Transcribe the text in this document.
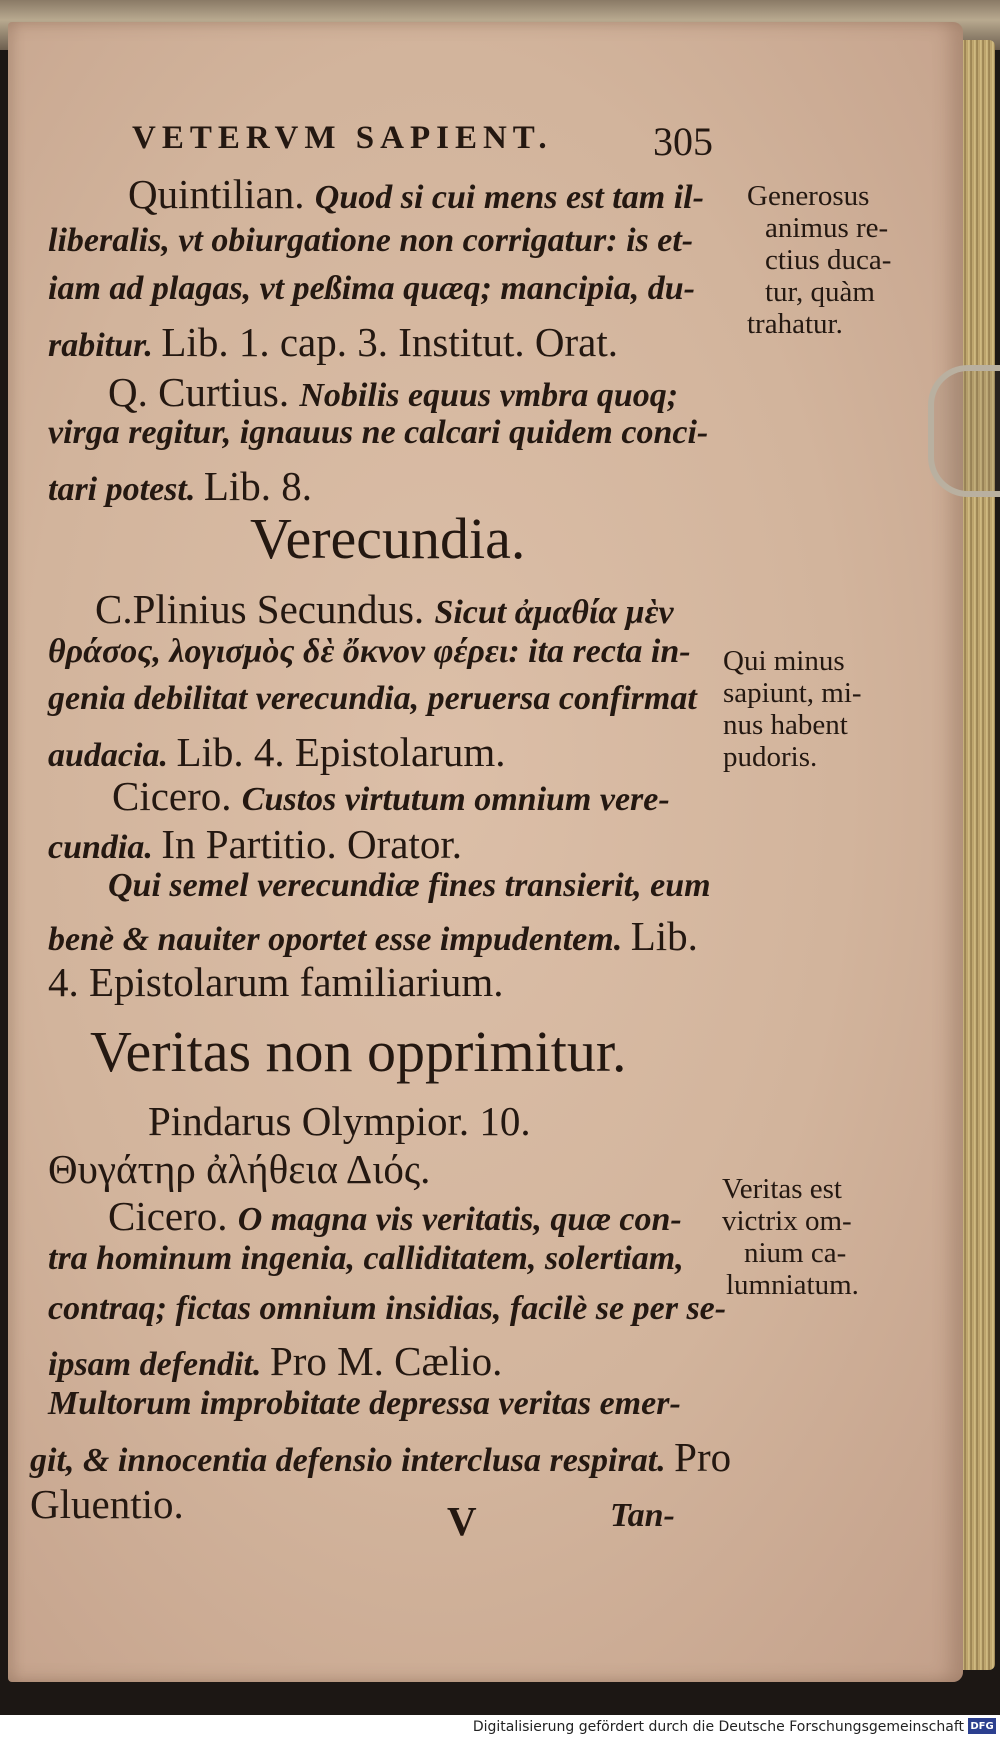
VETERVM SAPIENT.	305
Quintilian. Quod si cui mens est tam il-
liberalis, vt obiurgatione non corrigatur: is et-
iam ad plagas, vt peßima quæq; mancipia, du-
rabitur. Lib. 1. cap. 3. Institut. Orat.
Q. Curtius. Nobilis equus vmbra quoq;
virga regitur, ignauus ne calcari quidem conci-
tari potest. Lib. 8.
Verecundia.
C.Plinius Secundus. Sicut ἀμαθία μὲν
θράσος, λογισμὸς δὲ ὄκνον φέρει: ita recta in-
genia debilitat verecundia, peruersa confirmat
audacia. Lib. 4. Epistolarum.
Cicero. Custos virtutum omnium vere-
cundia. In Partitio. Orator.
Qui semel verecundiæ fines transierit, eum
benè & nauiter oportet esse impudentem. Lib.
4. Epistolarum familiarium.
Veritas non opprimitur.
Pindarus Olympior. 10.
Θυγάτηρ ἀλήθεια Διός.
Cicero. O magna vis veritatis, quæ con-
tra hominum ingenia, calliditatem, solertiam,
contraq; fictas omnium insidias, facilè se per se-
ipsam defendit. Pro M. Cælio.
Multorum improbitate depressa veritas emer-
git, & innocentia defensio interclusa respirat. Pro
Gluentio.	V	Tan-
Generosus
animus re-
ctius duca-
tur, quàm
trahatur.
Qui minus
sapiunt, mi-
nus habent
pudoris.
Veritas est
victrix om-
nium ca-
lumniatum.
Digitalisierung gefördert durch die Deutsche Forschungsgemeinschaft DFG
